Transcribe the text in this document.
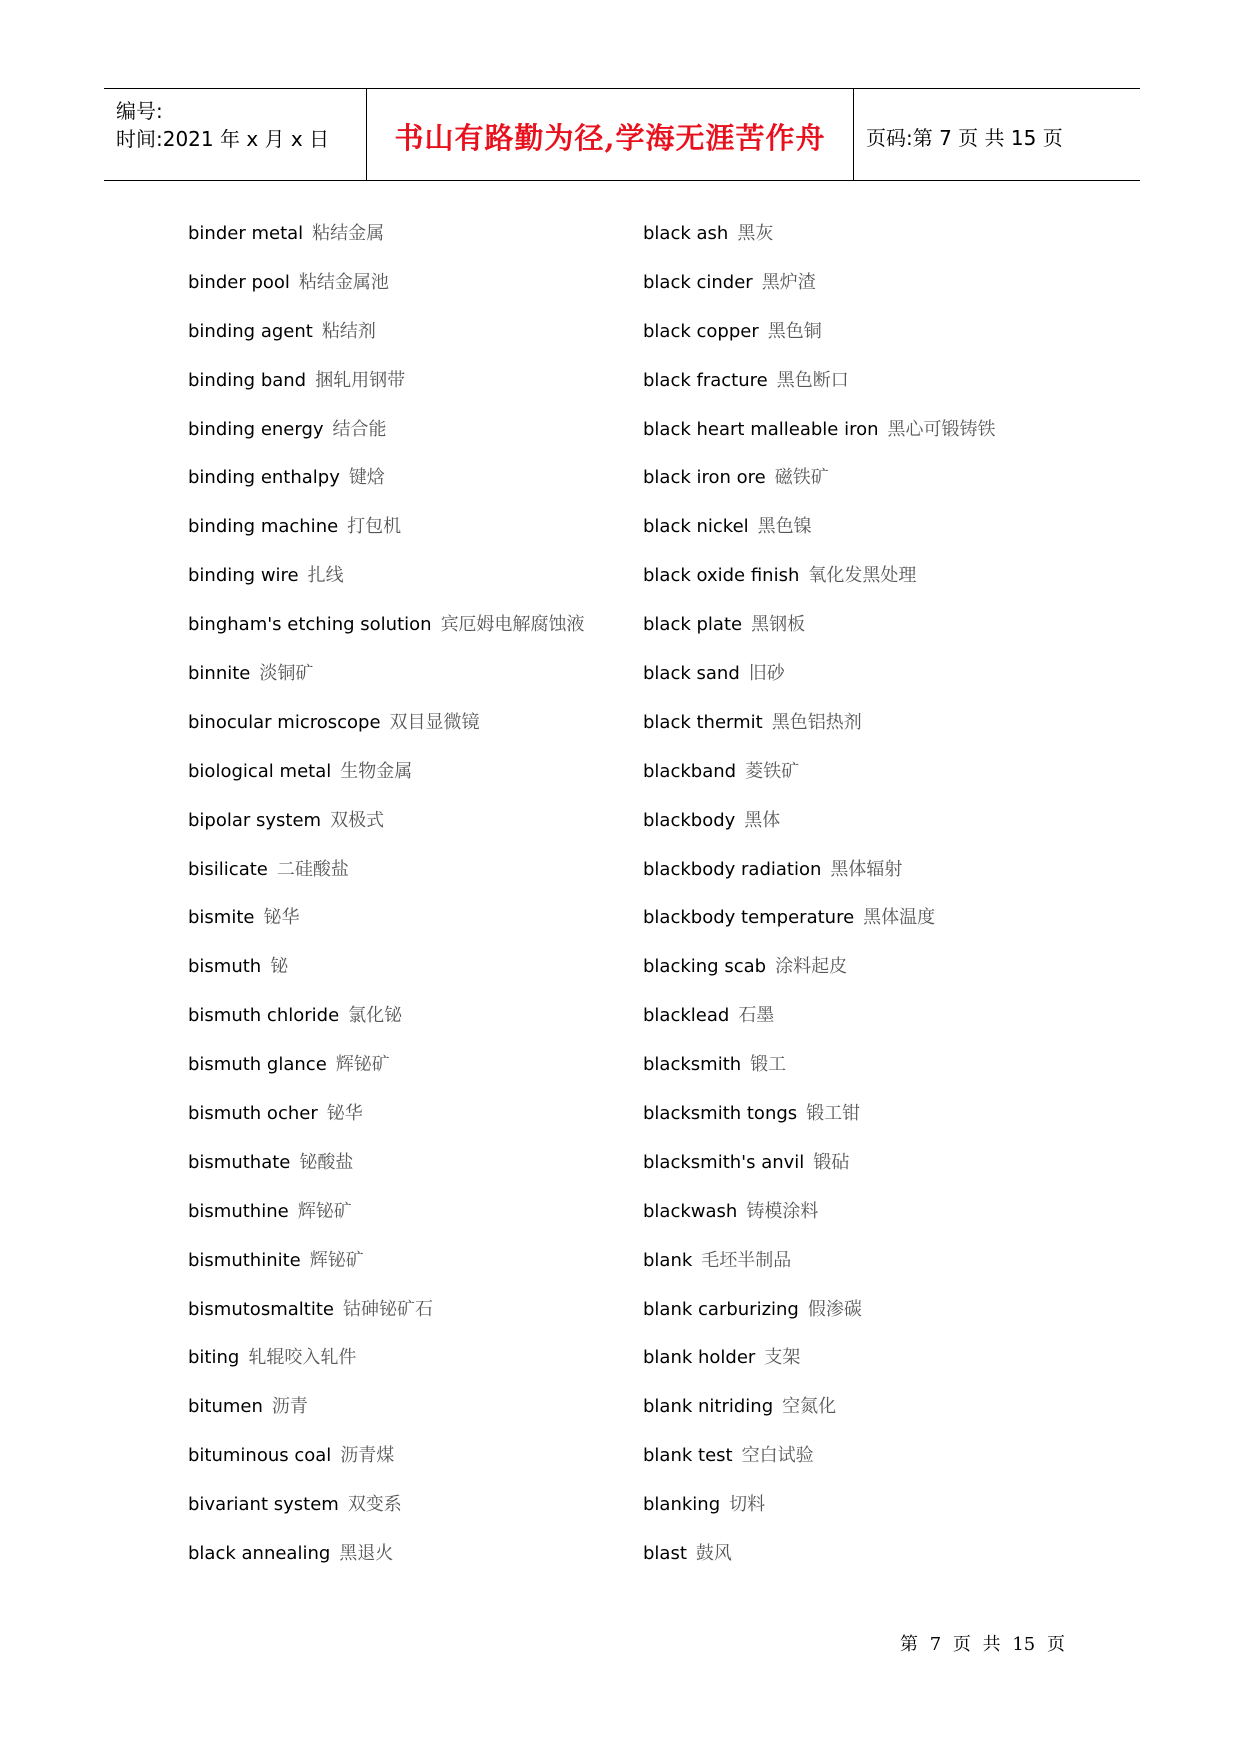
编号:
时间:2021 年 x 月 x 日	书山有路勤为径,学海无涯苦作舟	页码:第 7 页 共 15 页
binder metal 粘结金属
binder pool 粘结金属池
binding agent 粘结剂
binding band 捆轧用钢带
binding energy 结合能
binding enthalpy 键焓
binding machine 打包机
binding wire 扎线
bingham's etching solution 宾厄姆电解腐蚀液
binnite 淡铜矿
binocular microscope 双目显微镜
biological metal 生物金属
bipolar system 双极式
bisilicate 二硅酸盐
bismite 铋华
bismuth 铋
bismuth chloride 氯化铋
bismuth glance 辉铋矿
bismuth ocher 铋华
bismuthate 铋酸盐
bismuthine 辉铋矿
bismuthinite 辉铋矿
bismutosmaltite 钴砷铋矿石
biting 轧辊咬入轧件
bitumen 沥青
bituminous coal 沥青煤
bivariant system 双变系
black annealing 黑退火
black ash 黑灰
black cinder 黑炉渣
black copper 黑色铜
black fracture 黑色断口
black heart malleable iron 黑心可锻铸铁
black iron ore 磁铁矿
black nickel 黑色镍
black oxide finish 氧化发黑处理
black plate 黑钢板
black sand 旧砂
black thermit 黑色铝热剂
blackband 菱铁矿
blackbody 黑体
blackbody radiation 黑体辐射
blackbody temperature 黑体温度
blacking scab 涂料起皮
blacklead 石墨
blacksmith 锻工
blacksmith tongs 锻工钳
blacksmith's anvil 锻砧
blackwash 铸模涂料
blank 毛坯半制品
blank carburizing 假渗碳
blank holder 支架
blank nitriding 空氮化
blank test 空白试验
blanking 切料
blast 鼓风
第 7 页 共 15 页
